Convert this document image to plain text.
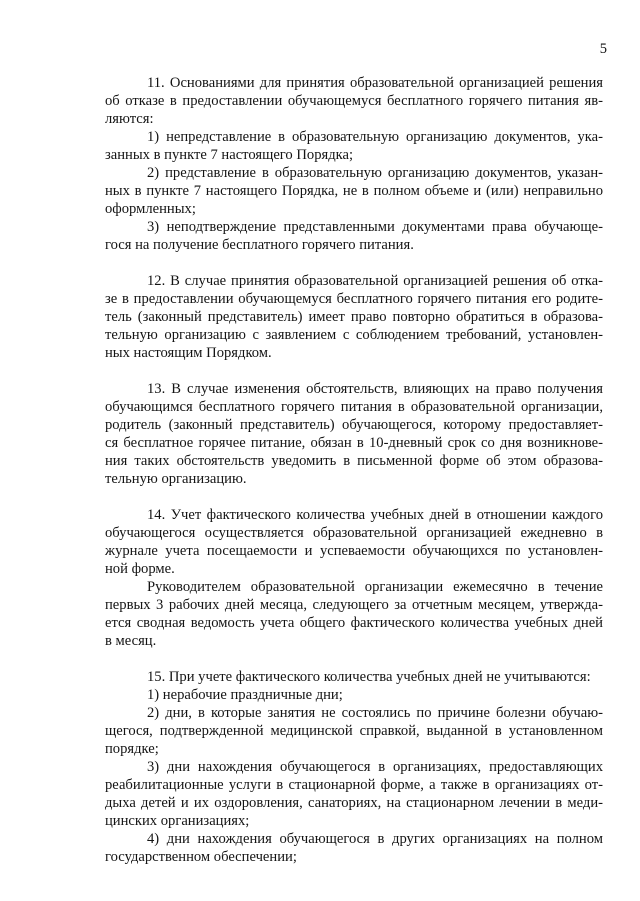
5
11. Основаниями для принятия образовательной организацией решения
об отказе в предоставлении обучающемуся бесплатного горячего питания яв-
ляются:
1) непредставление в образовательную организацию документов, ука-
занных в пункте 7 настоящего Порядка;
2) представление в образовательную организацию документов, указан-
ных в пункте 7 настоящего Порядка, не в полном объеме и (или) неправильно
оформленных;
3) неподтверждение представленными документами права обучающе-
гося на получение бесплатного горячего питания.
12. В случае принятия образовательной организацией решения об отка-
зе в предоставлении обучающемуся бесплатного горячего питания его родите-
тель (законный представитель) имеет право повторно обратиться в образова-
тельную организацию с заявлением с соблюдением требований, установлен-
ных настоящим Порядком.
13. В случае изменения обстоятельств, влияющих на право получения
обучающимся бесплатного горячего питания в образовательной организации,
родитель (законный представитель) обучающегося, которому предоставляет-
ся бесплатное горячее питание, обязан в 10-дневный срок со дня возникнове-
ния таких обстоятельств уведомить в письменной форме об этом образова-
тельную организацию.
14. Учет фактического количества учебных дней в отношении каждого
обучающегося осуществляется образовательной организацией ежедневно в
журнале учета посещаемости и успеваемости обучающихся по установлен-
ной форме.
Руководителем образовательной организации ежемесячно в течение
первых 3 рабочих дней месяца, следующего за отчетным месяцем, утвержда-
ется сводная ведомость учета общего фактического количества учебных дней
в месяц.
15. При учете фактического количества учебных дней не учитываются:
1) нерабочие праздничные дни;
2) дни, в которые занятия не состоялись по причине болезни обучаю-
щегося, подтвержденной медицинской справкой, выданной в установленном
порядке;
3) дни нахождения обучающегося в организациях, предоставляющих
реабилитационные услуги в стационарной форме, а также в организациях от-
дыха детей и их оздоровления, санаториях, на стационарном лечении в меди-
цинских организациях;
4) дни нахождения обучающегося в других организациях на полном
государственном обеспечении;
